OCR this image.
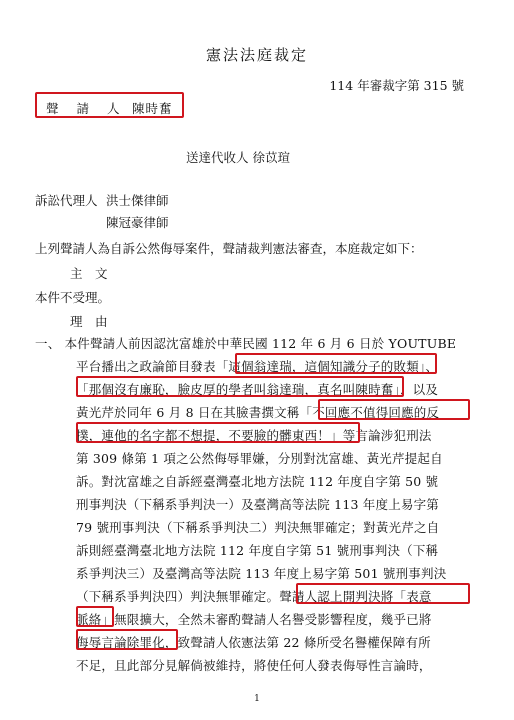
憲法法庭裁定
114 年審裁字第 315 號
聲 請 人 陳時奮
送達代收人 徐苡瑄
訴訟代理人 洪士傑律師
陳冠豪律師
上列聲請人為自訴公然侮辱案件，聲請裁判憲法審查，本庭裁定如下：
主　文
本件不受理。
理　由
一、 本件聲請人前因認沈富雄於中華民國 112 年 6 月 6 日於 YOUTUBE
平台播出之政論節目發表「這個翁達瑞，這個知識分子的敗類」、
「那個沒有廉恥，臉皮厚的學者叫翁達瑞，真名叫陳時奮」，以及
黃光芹於同年 6 月 8 日在其臉書撰文稱「不回應不值得回應的反
撲，連他的名字都不想提，不要臉的髒東西！」等言論涉犯刑法
第 309 條第 1 項之公然侮辱罪嫌，分別對沈富雄、黃光芹提起自
訴。對沈富雄之自訴經臺灣臺北地方法院 112 年度自字第 50 號
刑事判決（下稱系爭判決一）及臺灣高等法院 113 年度上易字第
79 號刑事判決（下稱系爭判決二）判決無罪確定；對黃光芹之自
訴則經臺灣臺北地方法院 112 年度自字第 51 號刑事判決（下稱
系爭判決三）及臺灣高等法院 113 年度上易字第 501 號刑事判決
（下稱系爭判決四）判決無罪確定。聲請人認上開判決將「表意
脈絡」無限擴大，全然未審酌聲請人名譽受影響程度，幾乎已將
侮辱言論除罪化，致聲請人依憲法第 22 條所受名譽權保障有所
不足，且此部分見解倘被維持，將使任何人發表侮辱性言論時，
1
